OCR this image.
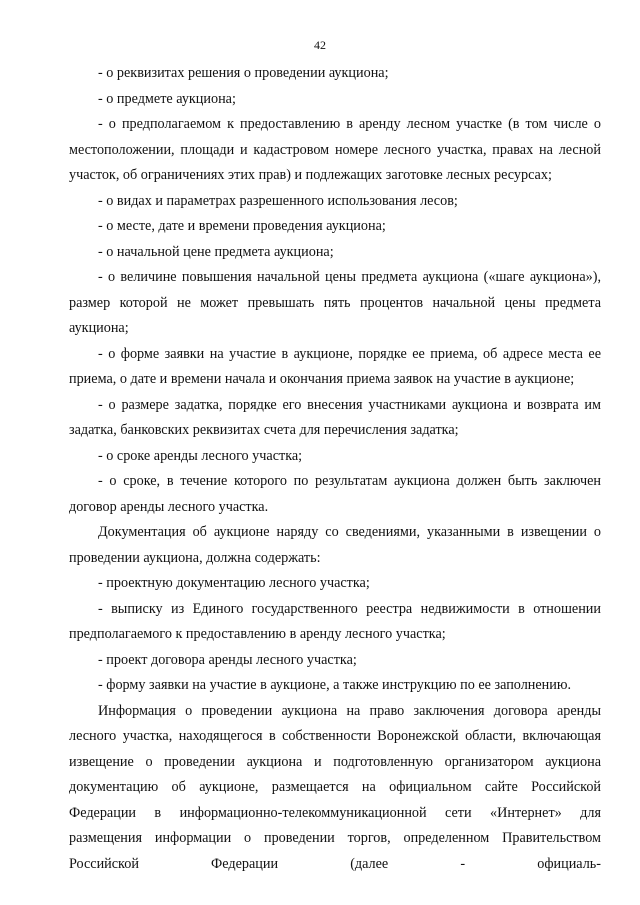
42

- о реквизитах решения о проведении аукциона;

- о предмете аукциона;

- о предполагаемом к предоставлению в аренду лесном участке (в том числе о местоположении, площади и кадастровом номере лесного участка, правах на лесной участок, об ограничениях этих прав) и подлежащих заготовке лесных ресурсах;

- о видах и параметрах разрешенного использования лесов;

- о месте, дате и времени проведения аукциона;

- о начальной цене предмета аукциона;

- о величине повышения начальной цены предмета аукциона («шаге аукциона»), размер которой не может превышать пять процентов начальной цены предмета аукциона;

- о форме заявки на участие в аукционе, порядке ее приема, об адресе места ее приема, о дате и времени начала и окончания приема заявок на участие в аукционе;

- о размере задатка, порядке его внесения участниками аукциона и возврата им задатка, банковских реквизитах счета для перечисления задатка;

- о сроке аренды лесного участка;

- о сроке, в течение которого по результатам аукциона должен быть заключен договор аренды лесного участка.

Документация об аукционе наряду со сведениями, указанными в извещении о проведении аукциона, должна содержать:

- проектную документацию лесного участка;

- выписку из Единого государственного реестра недвижимости в отношении предполагаемого к предоставлению в аренду лесного участка;

- проект договора аренды лесного участка;

- форму заявки на участие в аукционе, а также инструкцию по ее заполнению.

Информация о проведении аукциона на право заключения договора аренды лесного участка, находящегося в собственности Воронежской области, включающая извещение о проведении аукциона и подготовленную организатором аукциона документацию об аукционе, размещается на официальном сайте Российской Федерации в информационно-телекоммуникационной сети «Интернет» для размещения информации о проведении торгов, определенном Правительством Российской Федерации (далее - официаль-
